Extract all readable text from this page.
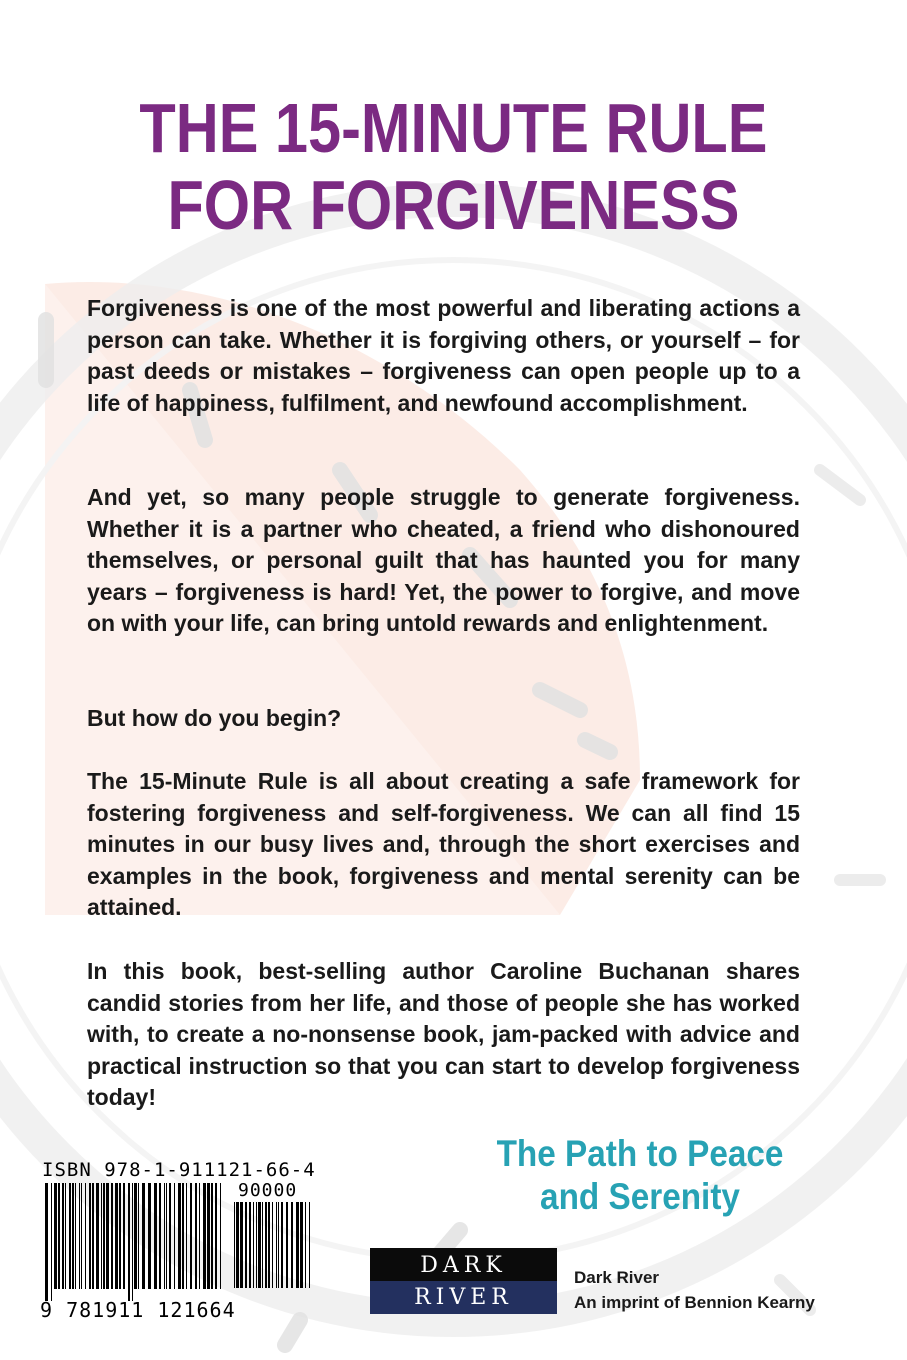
THE 15-MINUTE RULE
FOR FORGIVENESS

Forgiveness is one of the most powerful and liberating actions a person can take. Whether it is forgiving others, or yourself – for past deeds or mistakes – forgiveness can open people up to a life of happiness, fulfilment, and newfound accomplishment.

And yet, so many people struggle to generate forgiveness. Whether it is a partner who cheated, a friend who dishonoured themselves, or personal guilt that has haunted you for many years – forgiveness is hard! Yet, the power to forgive, and move on with your life, can bring untold rewards and enlightenment.

But how do you begin?

The 15-Minute Rule is all about creating a safe framework for fostering forgiveness and self-forgiveness. We can all find 15 minutes in our busy lives and, through the short exercises and examples in the book, forgiveness and mental serenity can be attained.

In this book, best-selling author Caroline Buchanan shares candid stories from her life, and those of people she has worked with, to create a no-nonsense book, jam-packed with advice and practical instruction so that you can start to develop forgiveness today!

The Path to Peace
and Serenity
ISBN 978-1-911121-66-4
90000
9 781911 121664
DARK
RIVER
Dark River
An imprint of Bennion Kearny
